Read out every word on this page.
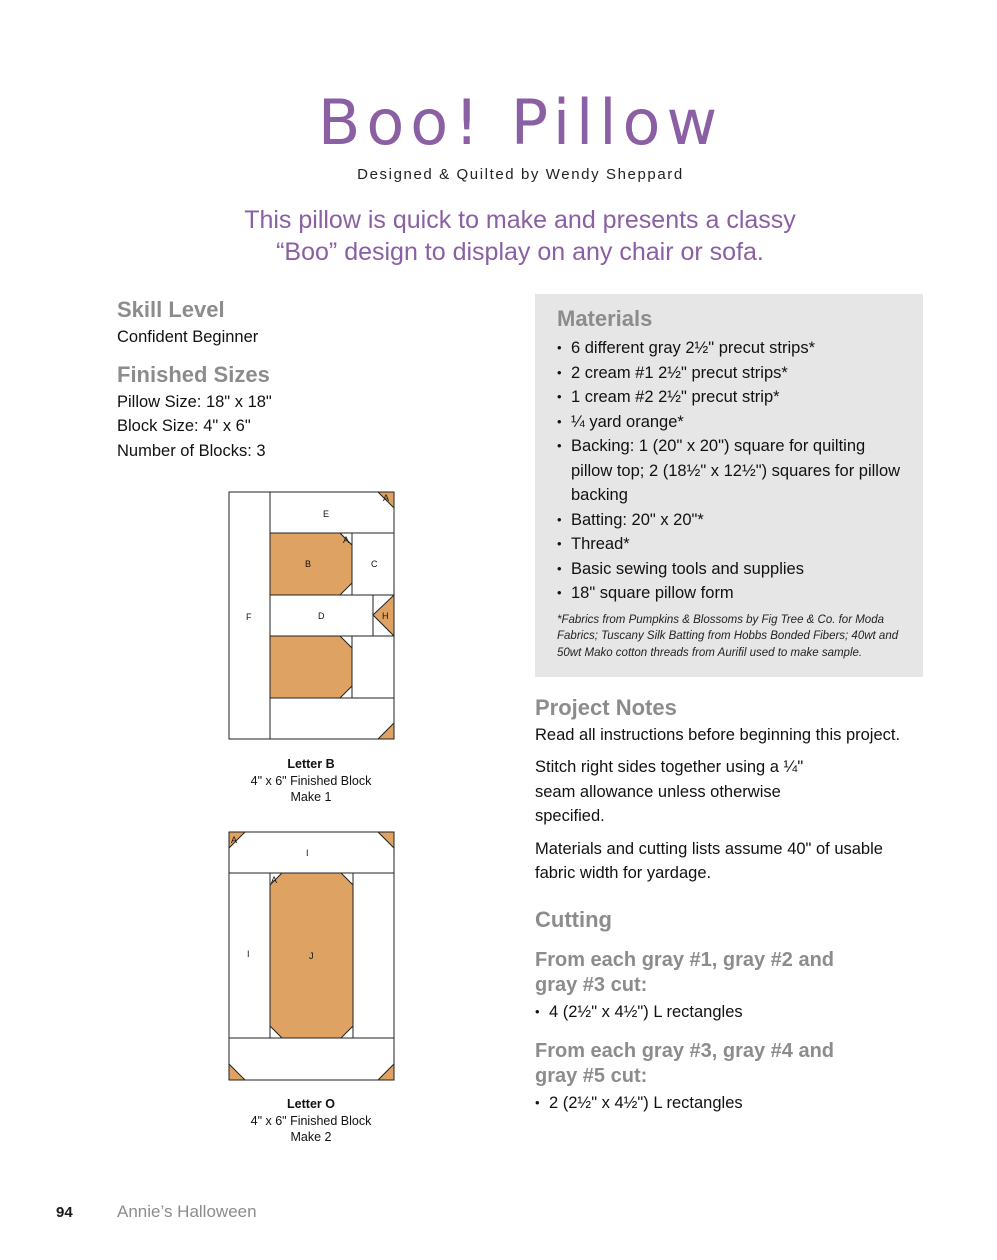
Boo! Pillow
Designed & Quilted by Wendy Sheppard
This pillow is quick to make and presents a classy
“Boo” design to display on any chair or sofa.
Skill Level
Confident Beginner
Finished Sizes
Pillow Size: 18" x 18"
Block Size: 4" x 6"
Number of Blocks: 3
A
E
A
B	C
F	D	H
Letter B
4" x 6" Finished Block
Make 1
A
I
A
I	J
Letter O
4" x 6" Finished Block
Make 2
Materials
• 6 different gray 2½" precut strips*
• 2 cream #1 2½" precut strips*
• 1 cream #2 2½" precut strip*
• ¼ yard orange*
• Backing: 1 (20" x 20") square for quilting pillow top; 2 (18½" x 12½") squares for pillow backing
• Batting: 20" x 20"*
• Thread*
• Basic sewing tools and supplies
• 18" square pillow form
*Fabrics from Pumpkins & Blossoms by Fig Tree & Co. for Moda Fabrics; Tuscany Silk Batting from Hobbs Bonded Fibers; 40wt and 50wt Mako cotton threads from Aurifil used to make sample.
Project Notes

Read all instructions before beginning this project.

Stitch right sides together using a ¼" seam allowance unless otherwise specified.

Materials and cutting lists assume 40" of usable fabric width for yardage.

Cutting
From each gray #1, gray #2 and gray #3 cut:
• 4 (2½" x 4½") L rectangles
From each gray #3, gray #4 and gray #5 cut:
• 2 (2½" x 4½") L rectangles
94	Annie’s Halloween
